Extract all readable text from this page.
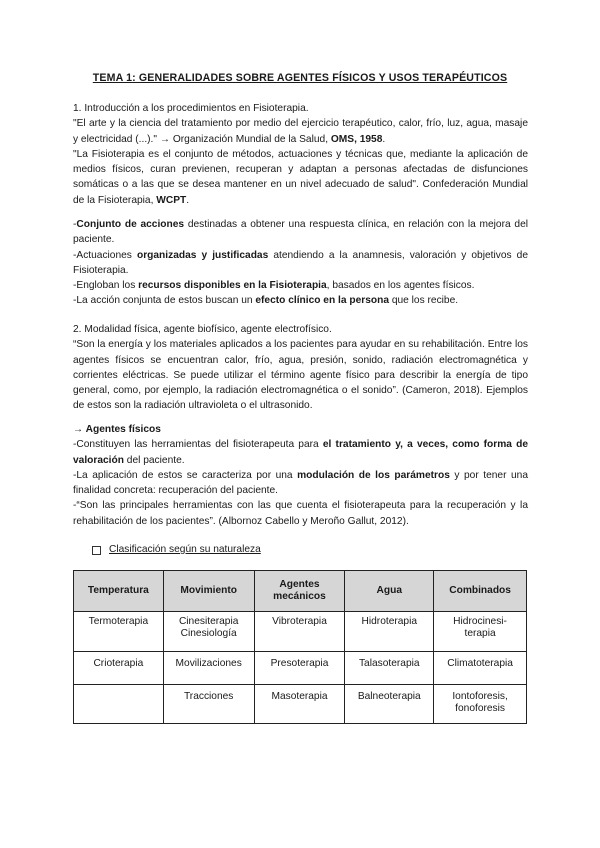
TEMA 1: GENERALIDADES SOBRE AGENTES FÍSICOS Y USOS TERAPÉUTICOS

1. Introducción a los procedimientos en Fisioterapia.

"El arte y la ciencia del tratamiento por medio del ejercicio terapéutico, calor, frío, luz, agua, masaje y electricidad (...)." → Organización Mundial de la Salud, OMS, 1958.

"La Fisioterapia es el conjunto de métodos, actuaciones y técnicas que, mediante la aplicación de medios físicos, curan previenen, recuperan y adaptan a personas afectadas de disfunciones somáticas o a las que se desea mantener en un nivel adecuado de salud". Confederación Mundial de la Fisioterapia, WCPT.

-Conjunto de acciones destinadas a obtener una respuesta clínica, en relación con la mejora del paciente.

-Actuaciones organizadas y justificadas atendiendo a la anamnesis, valoración y objetivos de Fisioterapia.

-Engloban los recursos disponibles en la Fisioterapia, basados en los agentes físicos.

-La acción conjunta de estos buscan un efecto clínico en la persona que los recibe.

2. Modalidad física, agente biofísico, agente electrofísico.

“Son la energía y los materiales aplicados a los pacientes para ayudar en su rehabilitación. Entre los agentes físicos se encuentran calor, frío, agua, presión, sonido, radiación electromagnética y corrientes eléctricas. Se puede utilizar el término agente físico para describir la energía de tipo general, como, por ejemplo, la radiación electromagnética o el sonido”. (Cameron, 2018). Ejemplos de estos son la radiación ultravioleta o el ultrasonido.

→ Agentes físicos

-Constituyen las herramientas del fisioterapeuta para el tratamiento y, a veces, como forma de valoración del paciente.

-La aplicación de estos se caracteriza por una modulación de los parámetros y por tener una finalidad concreta: recuperación del paciente.

-“Son las principales herramientas con las que cuenta el fisioterapeuta para la recuperación y la rehabilitación de los pacientes”. (Albornoz Cabello y Meroño Gallut, 2012).

Clasificación según su naturaleza
Temperatura	Movimiento	Agentes mecánicos	Agua	Combinados
Termoterapia	Cinesiterapia Cinesiología	Vibroterapia	Hidroterapia	Hidrocinesi-terapia
Crioterapia	Movilizaciones	Presoterapia	Talasoterapia	Climatoterapia
	Tracciones	Masoterapia	Balneoterapia	Iontoforesis, fonoforesis
